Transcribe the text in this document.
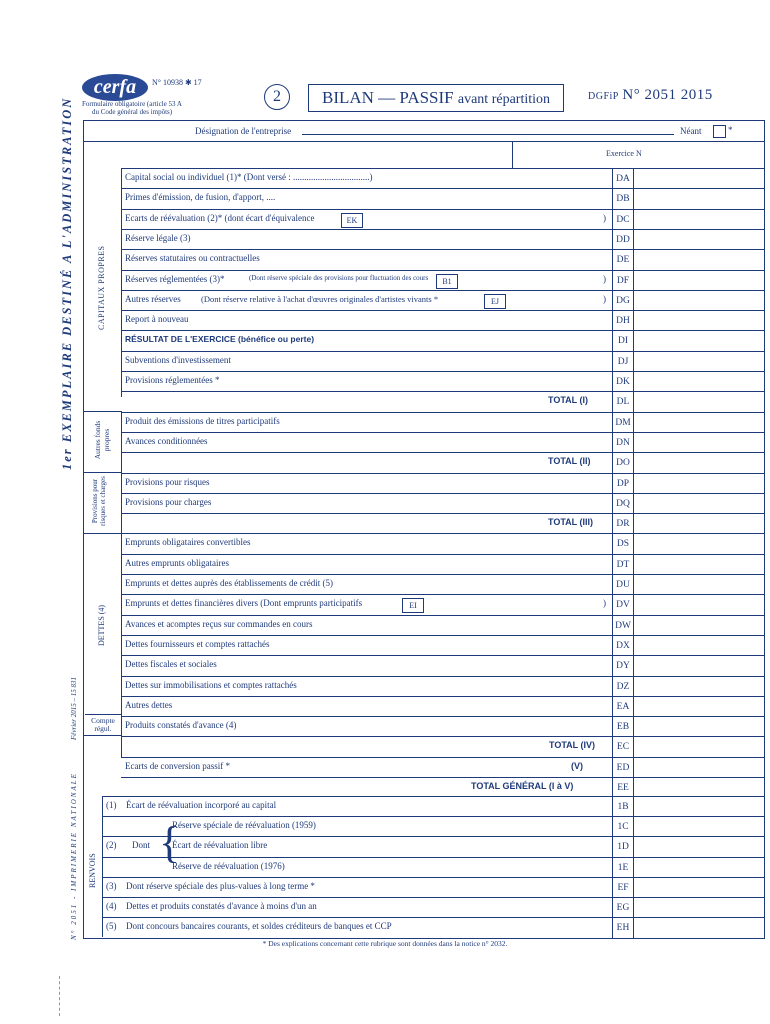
cerfa	N° 10938 ✱ 17
Formulaire obligatoire (article 53 A
du Code général des impôts)
2	BILAN — PASSIF avant répartition	DGFiP N° 2051 2015
1er EXEMPLAIRE DESTINÉ A L'ADMINISTRATION
N° 2051 - IMPRIMERIE NATIONALE
Février 2015 – 15 831
Désignation de l'entreprise	Néant	*
Exercice N
Capital social ou individuel (1)* (Dont versé : ..................................)	DA
Primes d'émission, de fusion, d'apport, ....	DB
Ecarts de réévaluation (2)* (dont écart d'équivalence	EK	)	DC
Réserve légale (3)	DD
Réserves statutaires ou contractuelles	DE
Réserves réglementées (3)*	(Dont réserve spéciale des provisions pour fluctuation des cours	B1	)	DF
Autres réserves (Dont réserve relative à l'achat d'œuvres originales d'artistes vivants *	EJ	)	DG
Report à nouveau	DH
RÉSULTAT DE L'EXERCICE (bénéfice ou perte)	DI
Subventions d'investissement	DJ
Provisions réglementées *	DK
TOTAL (I)	DL
Produit des émissions de titres participatifs	DM
Avances conditionnées	DN
TOTAL (II)	DO
Provisions pour risques	DP
Provisions pour charges	DQ
TOTAL (III)	DR
Emprunts obligataires convertibles	DS
Autres emprunts obligataires	DT
Emprunts et dettes auprès des établissements de crédit (5)	DU
Emprunts et dettes financières divers (Dont emprunts participatifs	EI	)	DV
Avances et acomptes reçus sur commandes en cours	DW
Dettes fournisseurs et comptes rattachés	DX
Dettes fiscales et sociales	DY
Dettes sur immobilisations et comptes rattachés	DZ
Autres dettes	EA
Produits constatés d'avance (4)	EB
TOTAL (IV)	EC
Ecarts de conversion passif *	(V)	ED
TOTAL GÉNÉRAL (I à V)	EE
CAPITAUX PROPRES
Autres fonds propres
Provisions pour risques et charges
DETTES (4)
Compte régul.
(1) Écart de réévaluation incorporé au capital	1B
Réserve spéciale de réévaluation (1959)	1C
(2) Dont Écart de réévaluation libre	1D
Réserve de réévaluation (1976)	1E
(3) Dont réserve spéciale des plus-values à long terme *	EF
(4) Dettes et produits constatés d'avance à moins d'un an	EG
(5) Dont concours bancaires courants, et soldes créditeurs de banques et CCP	EH
{
RENVOIS
* Des explications concernant cette rubrique sont données dans la notice n° 2032.
